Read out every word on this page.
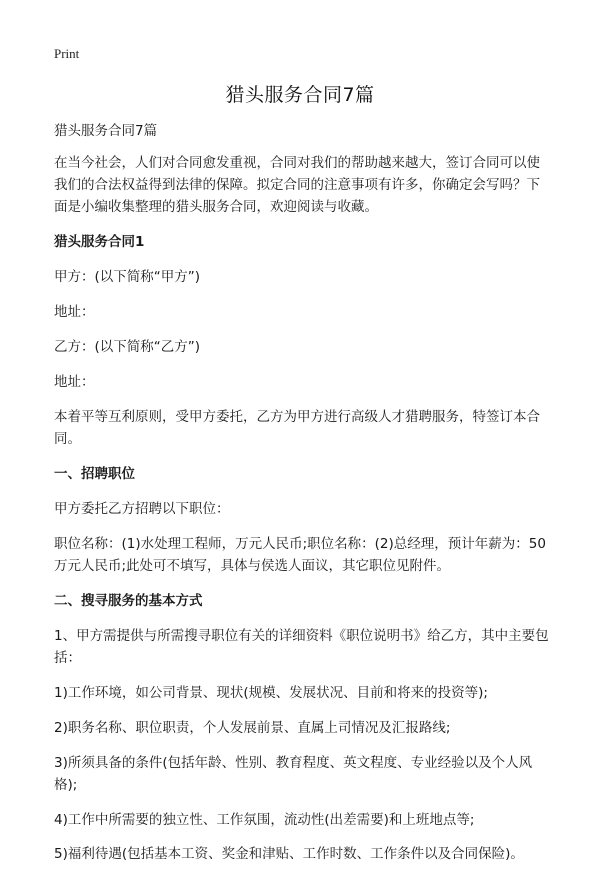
Print
猎头服务合同7篇

猎头服务合同7篇

在当今社会，人们对合同愈发重视，合同对我们的帮助越来越大，签订合同可以使我们的合法权益得到法律的保障。拟定合同的注意事项有许多，你确定会写吗？下面是小编收集整理的猎头服务合同，欢迎阅读与收藏。

猎头服务合同1

甲方：(以下简称“甲方”)

地址：

乙方：(以下简称“乙方”)

地址：

本着平等互利原则，受甲方委托，乙方为甲方进行高级人才猎聘服务，特签订本合同。

一、招聘职位

甲方委托乙方招聘以下职位：

职位名称：(1)水处理工程师，万元人民币;职位名称：(2)总经理，预计年薪为：50万元人民币;此处可不填写，具体与侯选人面议，其它职位见附件。

二、搜寻服务的基本方式

1、甲方需提供与所需搜寻职位有关的详细资料《职位说明书》给乙方，其中主要包括：

1)工作环境，如公司背景、现状(规模、发展状况、目前和将来的投资等);

2)职务名称、职位职责，个人发展前景、直属上司情况及汇报路线;

3)所须具备的条件(包括年龄、性别、教育程度、英文程度、专业经验以及个人风格);

4)工作中所需要的独立性、工作氛围，流动性(出差需要)和上班地点等;

5)福利待遇(包括基本工资、奖金和津贴、工作时数、工作条件以及合同保险)。
